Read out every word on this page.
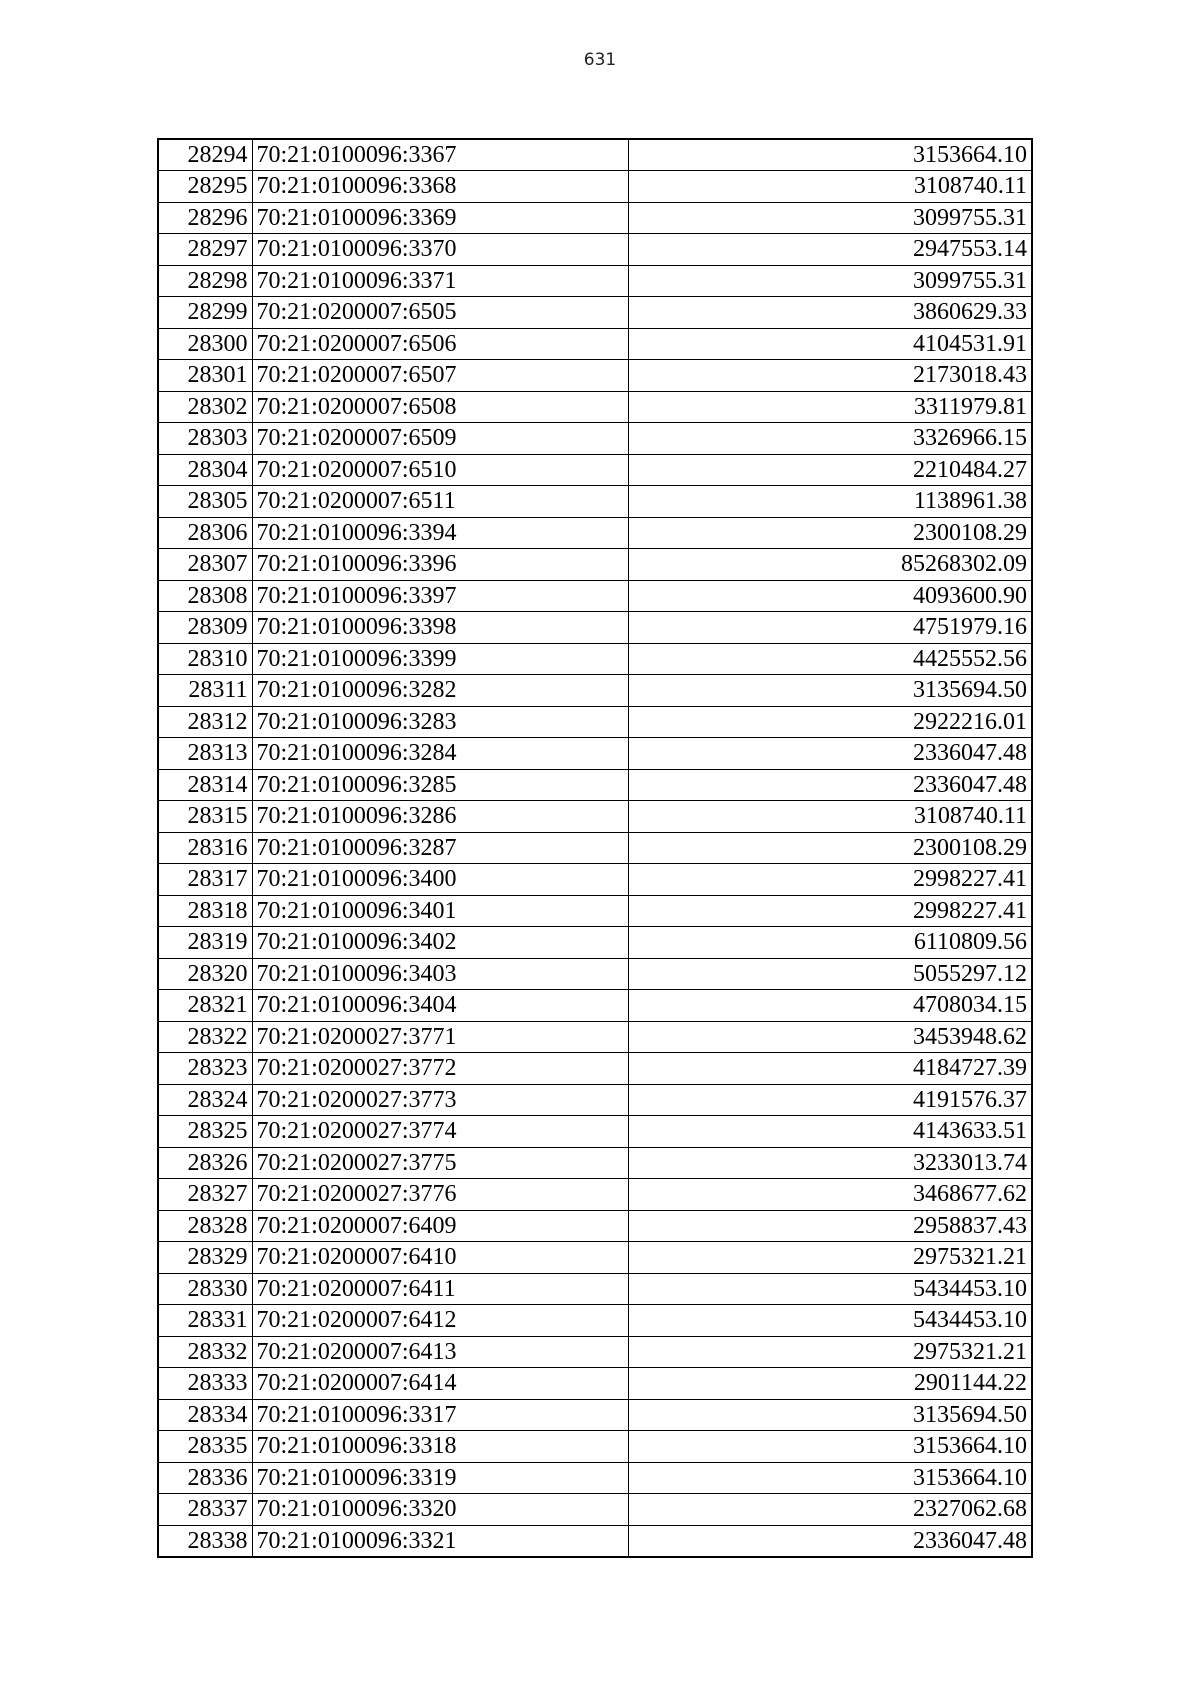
631
28294	70:21:0100096:3367	3153664.10
28295	70:21:0100096:3368	3108740.11
28296	70:21:0100096:3369	3099755.31
28297	70:21:0100096:3370	2947553.14
28298	70:21:0100096:3371	3099755.31
28299	70:21:0200007:6505	3860629.33
28300	70:21:0200007:6506	4104531.91
28301	70:21:0200007:6507	2173018.43
28302	70:21:0200007:6508	3311979.81
28303	70:21:0200007:6509	3326966.15
28304	70:21:0200007:6510	2210484.27
28305	70:21:0200007:6511	1138961.38
28306	70:21:0100096:3394	2300108.29
28307	70:21:0100096:3396	85268302.09
28308	70:21:0100096:3397	4093600.90
28309	70:21:0100096:3398	4751979.16
28310	70:21:0100096:3399	4425552.56
28311	70:21:0100096:3282	3135694.50
28312	70:21:0100096:3283	2922216.01
28313	70:21:0100096:3284	2336047.48
28314	70:21:0100096:3285	2336047.48
28315	70:21:0100096:3286	3108740.11
28316	70:21:0100096:3287	2300108.29
28317	70:21:0100096:3400	2998227.41
28318	70:21:0100096:3401	2998227.41
28319	70:21:0100096:3402	6110809.56
28320	70:21:0100096:3403	5055297.12
28321	70:21:0100096:3404	4708034.15
28322	70:21:0200027:3771	3453948.62
28323	70:21:0200027:3772	4184727.39
28324	70:21:0200027:3773	4191576.37
28325	70:21:0200027:3774	4143633.51
28326	70:21:0200027:3775	3233013.74
28327	70:21:0200027:3776	3468677.62
28328	70:21:0200007:6409	2958837.43
28329	70:21:0200007:6410	2975321.21
28330	70:21:0200007:6411	5434453.10
28331	70:21:0200007:6412	5434453.10
28332	70:21:0200007:6413	2975321.21
28333	70:21:0200007:6414	2901144.22
28334	70:21:0100096:3317	3135694.50
28335	70:21:0100096:3318	3153664.10
28336	70:21:0100096:3319	3153664.10
28337	70:21:0100096:3320	2327062.68
28338	70:21:0100096:3321	2336047.48
